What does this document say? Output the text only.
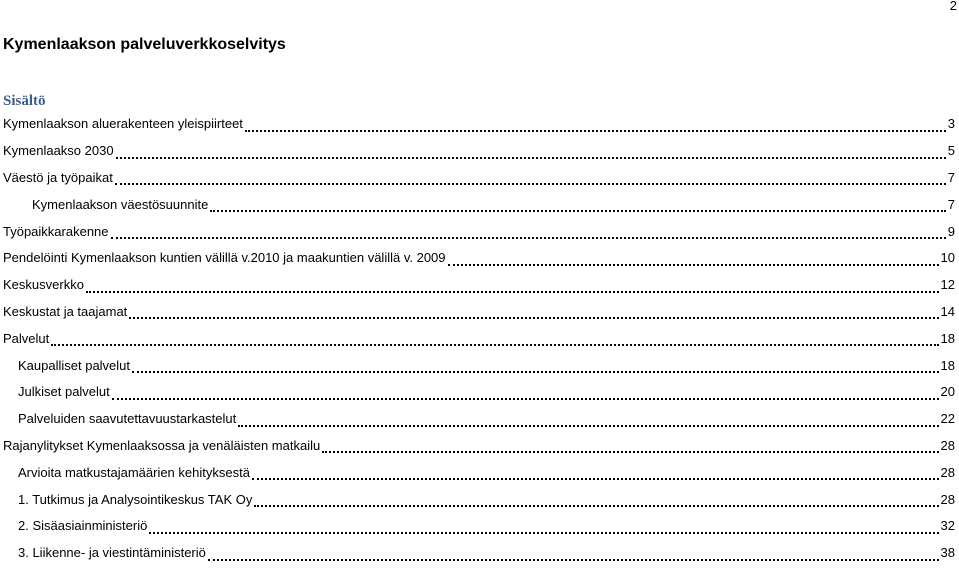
2
Kymenlaakson palveluverkkoselvitys
Sisältö
Kymenlaakson aluerakenteen yleispiirteet	3
Kymenlaakso 2030	5
Väestö ja työpaikat	7
Kymenlaakson väestösuunnite	7
Työpaikkarakenne	9
Pendelöinti Kymenlaakson kuntien välillä v.2010 ja maakuntien välillä v. 2009	10
Keskusverkko	12
Keskustat ja taajamat	14
Palvelut	18
Kaupalliset palvelut	18
Julkiset palvelut	20
Palveluiden saavutettavuustarkastelut	22
Rajanylitykset Kymenlaaksossa ja venäläisten matkailu	28
Arvioita matkustajamäärien kehityksestä	28
1. Tutkimus ja Analysointikeskus TAK Oy	28
2. Sisäasiainministeriö	32
3. Liikenne- ja viestintäministeriö	38
